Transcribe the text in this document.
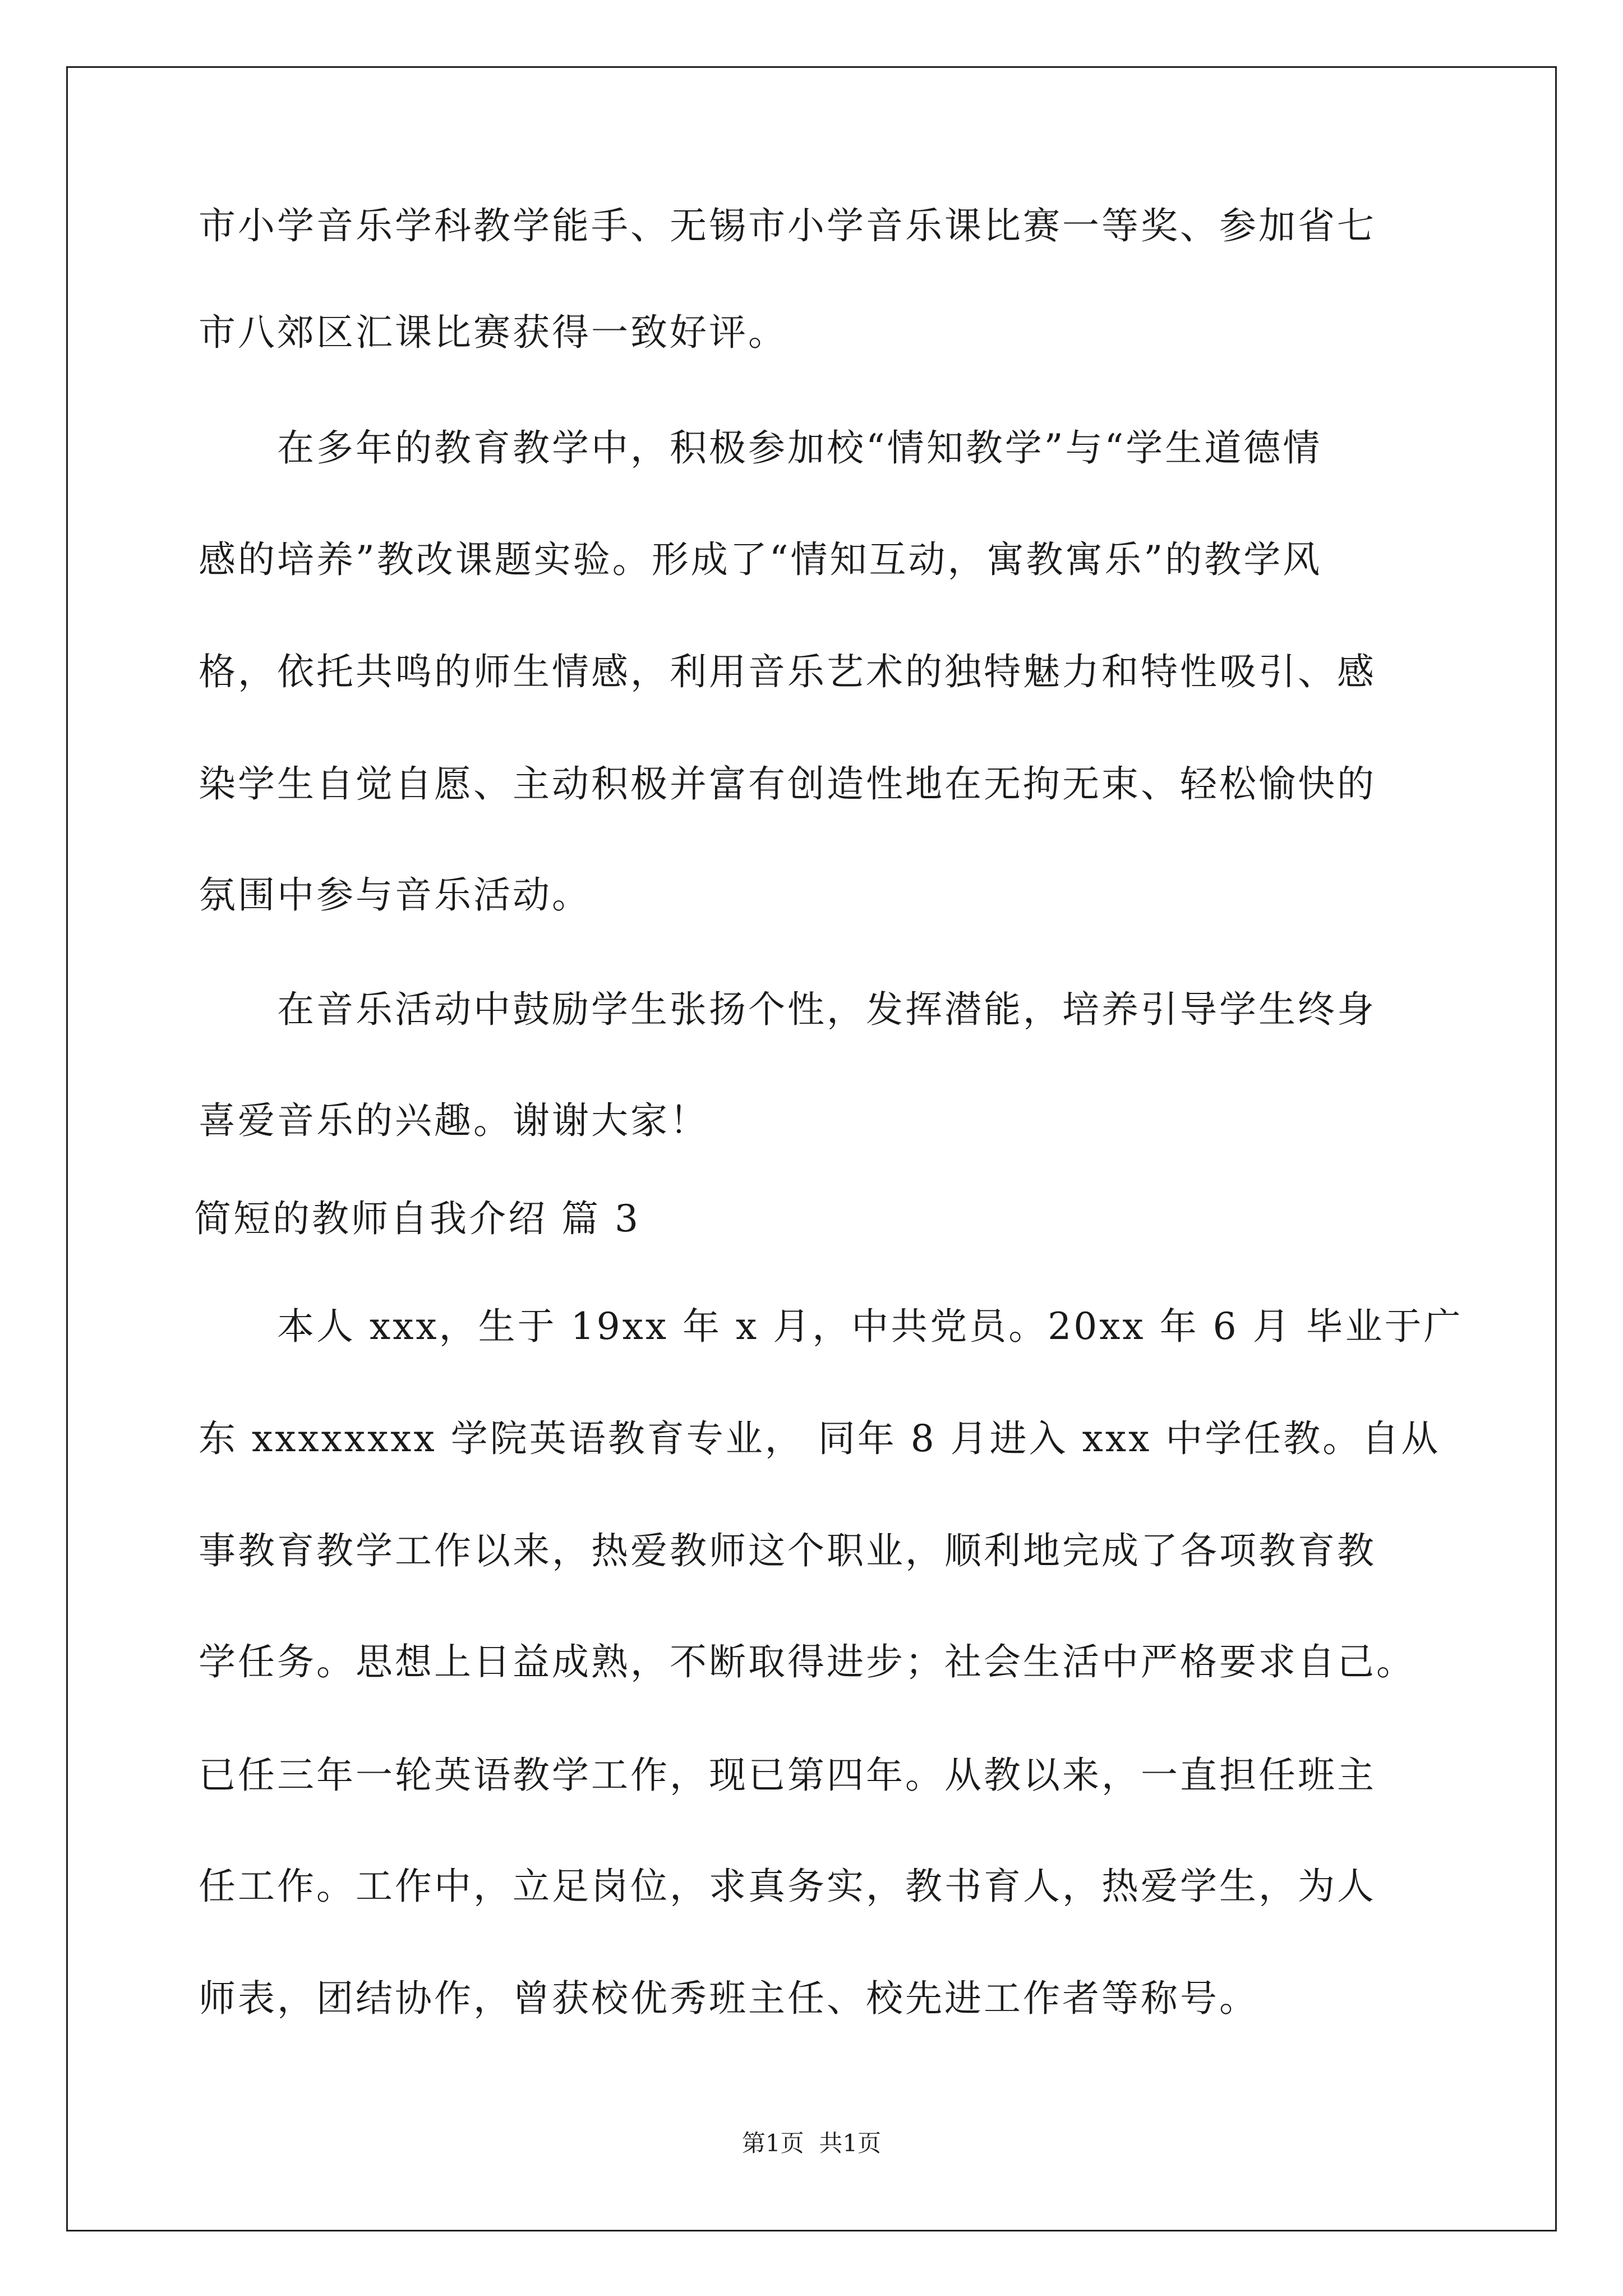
市小学音乐学科教学能手、无锡市小学音乐课比赛一等奖、参加省七
市八郊区汇课比赛获得一致好评。
　　在多年的教育教学中，积极参加校“情知教学”与“学生道德情
感的培养”教改课题实验。形成了“情知互动，寓教寓乐”的教学风
格，依托共鸣的师生情感，利用音乐艺术的独特魅力和特性吸引、感
染学生自觉自愿、主动积极并富有创造性地在无拘无束、轻松愉快的
氛围中参与音乐活动。
　　在音乐活动中鼓励学生张扬个性，发挥潜能，培养引导学生终身
喜爱音乐的兴趣。谢谢大家！
简短的教师自我介绍 篇 3
　　本人 xxx，生于 19xx 年 x 月，中共党员。20xx 年 6 月 毕业于广
东 xxxxxxxx 学院英语教育专业， 同年 8 月进入 xxx 中学任教。自从
事教育教学工作以来，热爱教师这个职业，顺利地完成了各项教育教
学任务。思想上日益成熟，不断取得进步；社会生活中严格要求自己。
已任三年一轮英语教学工作，现已第四年。从教以来，一直担任班主
任工作。工作中，立足岗位，求真务实，教书育人，热爱学生，为人
师表，团结协作，曾获校优秀班主任、校先进工作者等称号。
第1页  共1页
